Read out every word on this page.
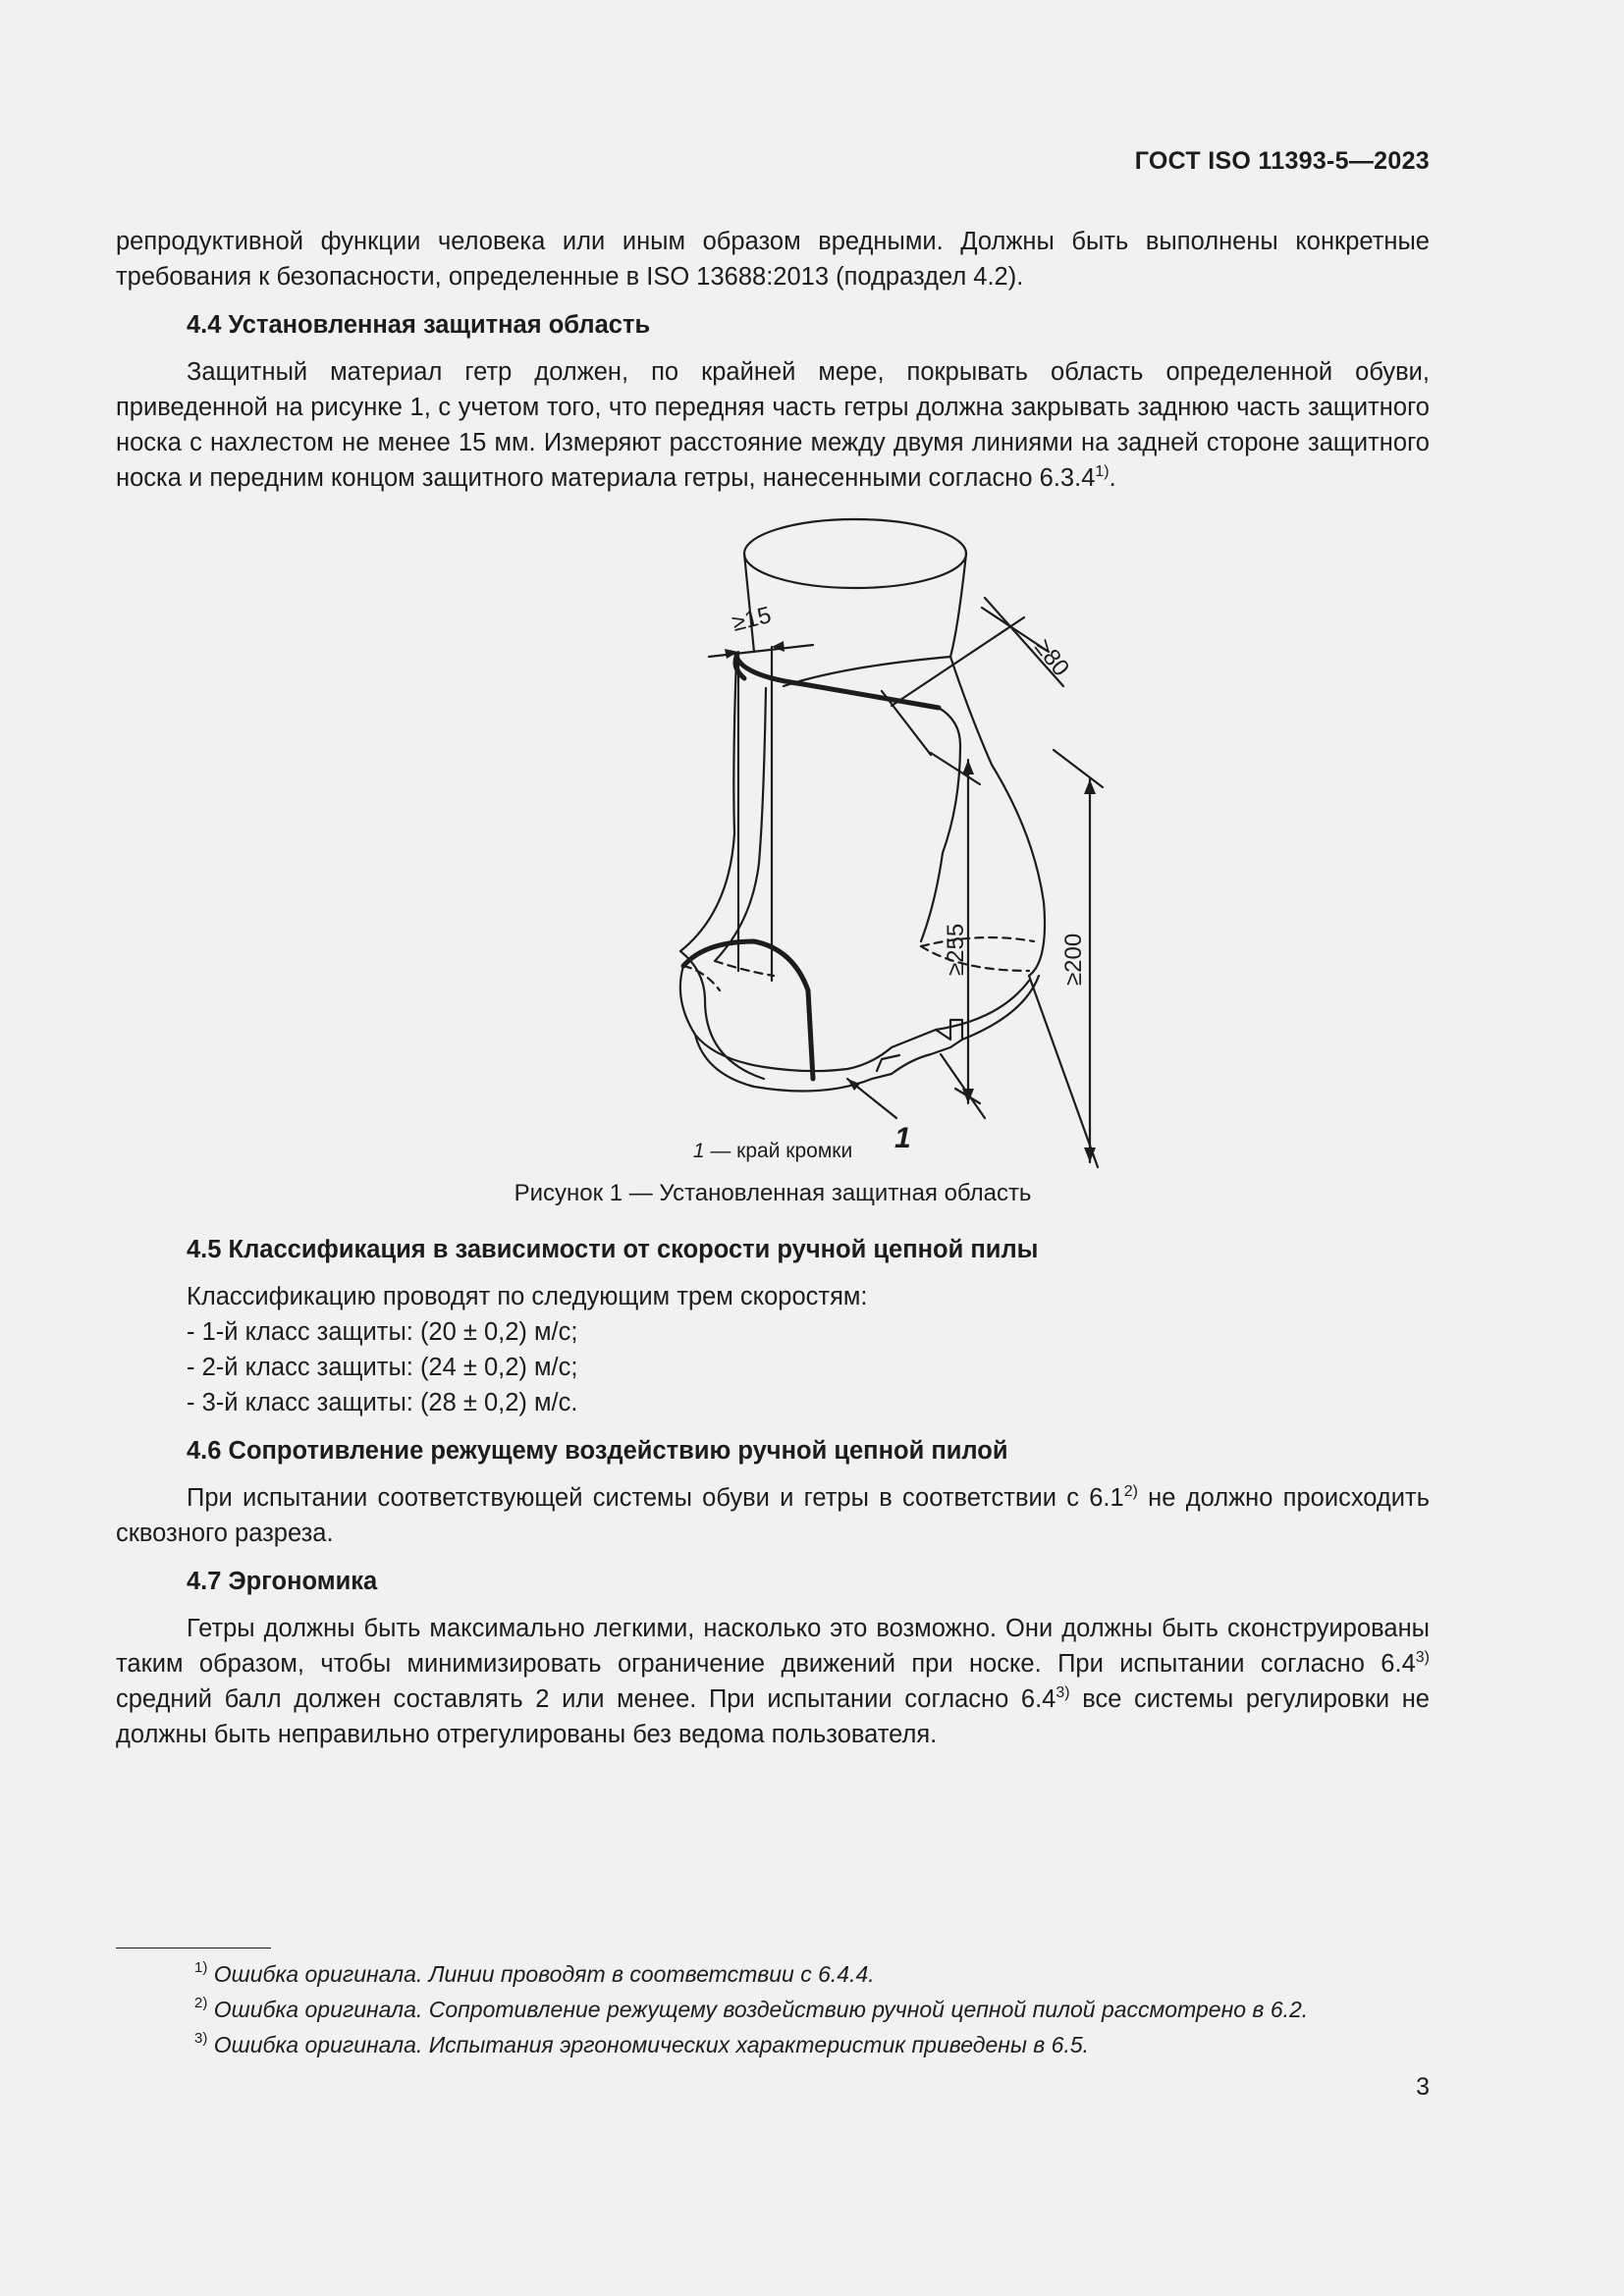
ГОСТ ISO 11393-5—2023

репродуктивной функции человека или иным образом вредными. Должны быть выполнены конкретные требования к безопасности, определенные в ISO 13688:2013 (подраздел 4.2).

4.4 Установленная защитная область

Защитный материал гетр должен, по крайней мере, покрывать область определенной обуви, приведенной на рисунке 1, с учетом того, что передняя часть гетры должна закрывать заднюю часть защитного носка с нахлестом не менее 15 мм. Измеряют расстояние между двумя линиями на задней стороне защитного носка и передним концом защитного материала гетры, нанесенными согласно 6.3.4$^{1)}$.

≥80
≥15
≥255	≥200
1

1 — край кромки

Рисунок 1 — Установленная защитная область

4.5 Классификация в зависимости от скорости ручной цепной пилы

Классификацию проводят по следующим трем скоростям:
- 1-й класс защиты: (20 ± 0,2) м/с;
- 2-й класс защиты: (24 ± 0,2) м/с;
- 3-й класс защиты: (28 ± 0,2) м/с.

4.6 Сопротивление режущему воздействию ручной цепной пилой

При испытании соответствующей системы обуви и гетры в соответствии с 6.1$^{2)}$ не должно происходить сквозного разреза.

4.7 Эргономика

Гетры должны быть максимально легкими, насколько это возможно. Они должны быть сконструированы таким образом, чтобы минимизировать ограничение движений при носке. При испытании согласно 6.4$^{3)}$ средний балл должен составлять 2 или менее. При испытании согласно 6.4$^{3)}$ все системы регулировки не должны быть неправильно отрегулированы без ведома пользователя.

$^{1)}$ Ошибка оригинала. Линии проводят в соответствии с 6.4.4.
$^{2)}$ Ошибка оригинала. Сопротивление режущему воздействию ручной цепной пилой рассмотрено в 6.2.
$^{3)}$ Ошибка оригинала. Испытания эргономических характеристик приведены в 6.5.
3
